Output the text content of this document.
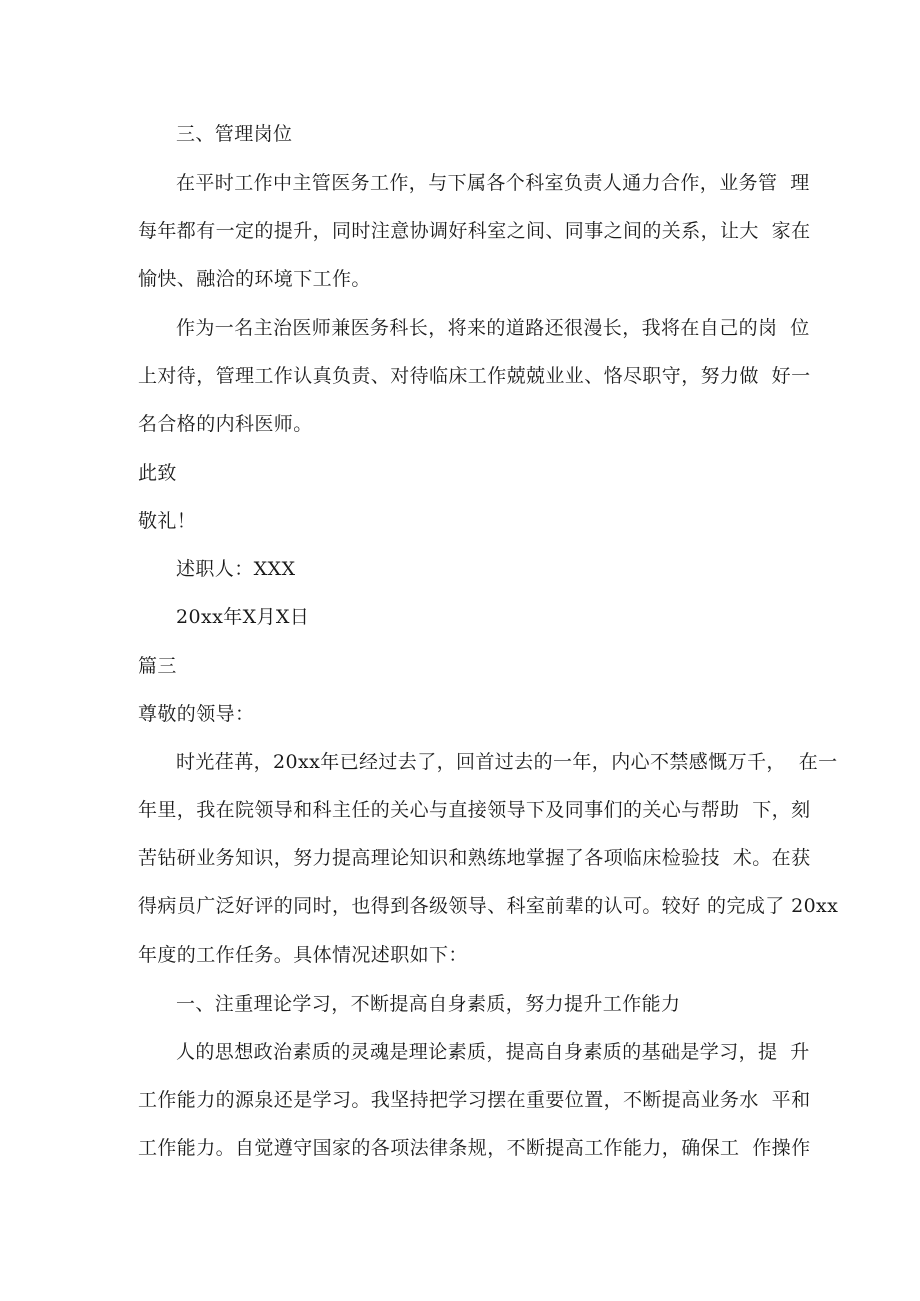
三、管理岗位
在平时工作中主管医务工作，与下属各个科室负责人通力合作，业务管  理
每年都有一定的提升，同时注意协调好科室之间、同事之间的关系，让大  家在
愉快、融洽的环境下工作。
作为一名主治医师兼医务科长，将来的道路还很漫长，我将在自己的岗  位
上对待，管理工作认真负责、对待临床工作兢兢业业、恪尽职守，努力做  好一
名合格的内科医师。
此致
敬礼！
述职人：XXX
20xx年X月X日
篇三
尊敬的领导：
时光荏苒，20xx年已经过去了，回首过去的一年，内心不禁感慨万千，  在一
年里，我在院领导和科主任的关心与直接领导下及同事们的关心与帮助  下，刻
苦钻研业务知识，努力提高理论知识和熟练地掌握了各项临床检验技  术。在获
得病员广泛好评的同时，也得到各级领导、科室前辈的认可。较好 的完成了 20xx
年度的工作任务。具体情况述职如下：
一、注重理论学习，不断提高自身素质，努力提升工作能力
人的思想政治素质的灵魂是理论素质，提高自身素质的基础是学习，提  升
工作能力的源泉还是学习。我坚持把学习摆在重要位置，不断提高业务水  平和
工作能力。自觉遵守国家的各项法律条规，不断提高工作能力，确保工  作操作
